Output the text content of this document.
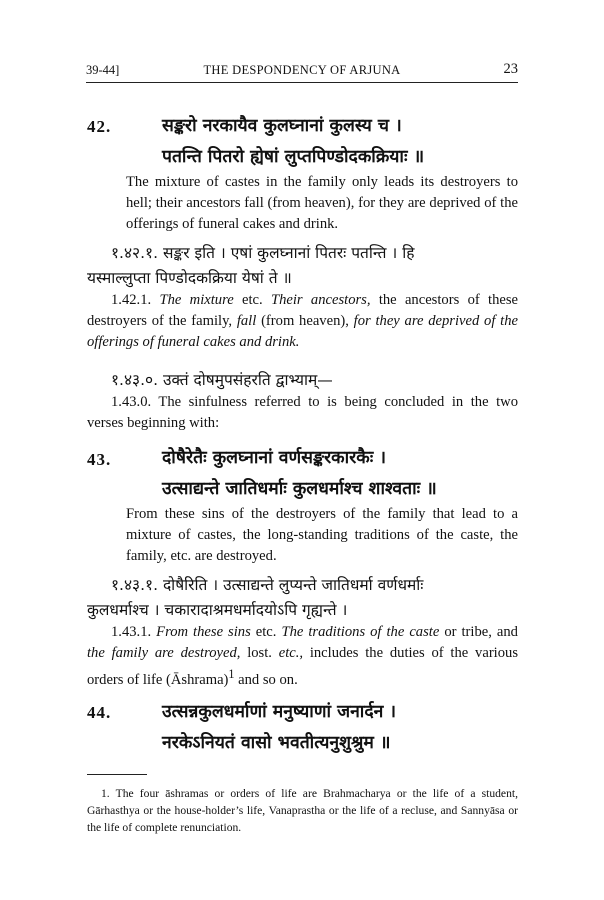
39-44]	THE DESPONDENCY OF ARJUNA	23
42.	सङ्करो नरकायैव कुलघ्नानां कुलस्य च ।
पतन्ति पितरो ह्येषां लुप्तपिण्डोदकक्रियाः ॥

The mixture of castes in the family only leads its destroyers to hell; their ancestors fall (from heaven), for they are deprived of the offerings of funeral cakes and drink.

१.४२.१. सङ्कर इति । एषां कुलघ्नानां पितरः पतन्ति । हि
यस्माल्लुप्ता पिण्डोदकक्रिया येषां ते ॥

1.42.1. The mixture etc. Their ancestors, the ancestors of these destroyers of the family, fall (from heaven), for they are deprived of the offerings of funeral cakes and drink.

१.४३.०. उक्तं दोषमुपसंहरति द्वाभ्याम्—

1.43.0. The sinfulness referred to is being concluded in the two verses beginning with:

43.	दोषैरेतैः कुलघ्नानां वर्णसङ्करकारकैः ।
उत्साद्यन्ते जातिधर्माः कुलधर्माश्च शाश्वताः ॥

From these sins of the destroyers of the family that lead to a mixture of castes, the long-standing traditions of the caste, the family, etc. are destroyed.

१.४३.१. दोषैरिति । उत्साद्यन्ते लुप्यन्ते जातिधर्मा वर्णधर्माः
कुलधर्माश्च । चकारादाश्रमधर्मादयोऽपि गृह्यन्ते ।

1.43.1. From these sins etc. The traditions of the caste or tribe, and the family are destroyed, lost. etc., includes the duties of the various orders of life (Āshrama)$^1$ and so on.

44.	उत्सन्नकुलधर्माणां मनुष्याणां जनार्दन ।
नरकेऽनियतं वासो भवतीत्यनुशुश्रुम ॥

1. The four āshramas or orders of life are Brahmacharya or the life of a student, Gārhasthya or the house-holder’s life, Vanaprastha or the life of a recluse, and Sannyāsa or the life of complete renunciation.
